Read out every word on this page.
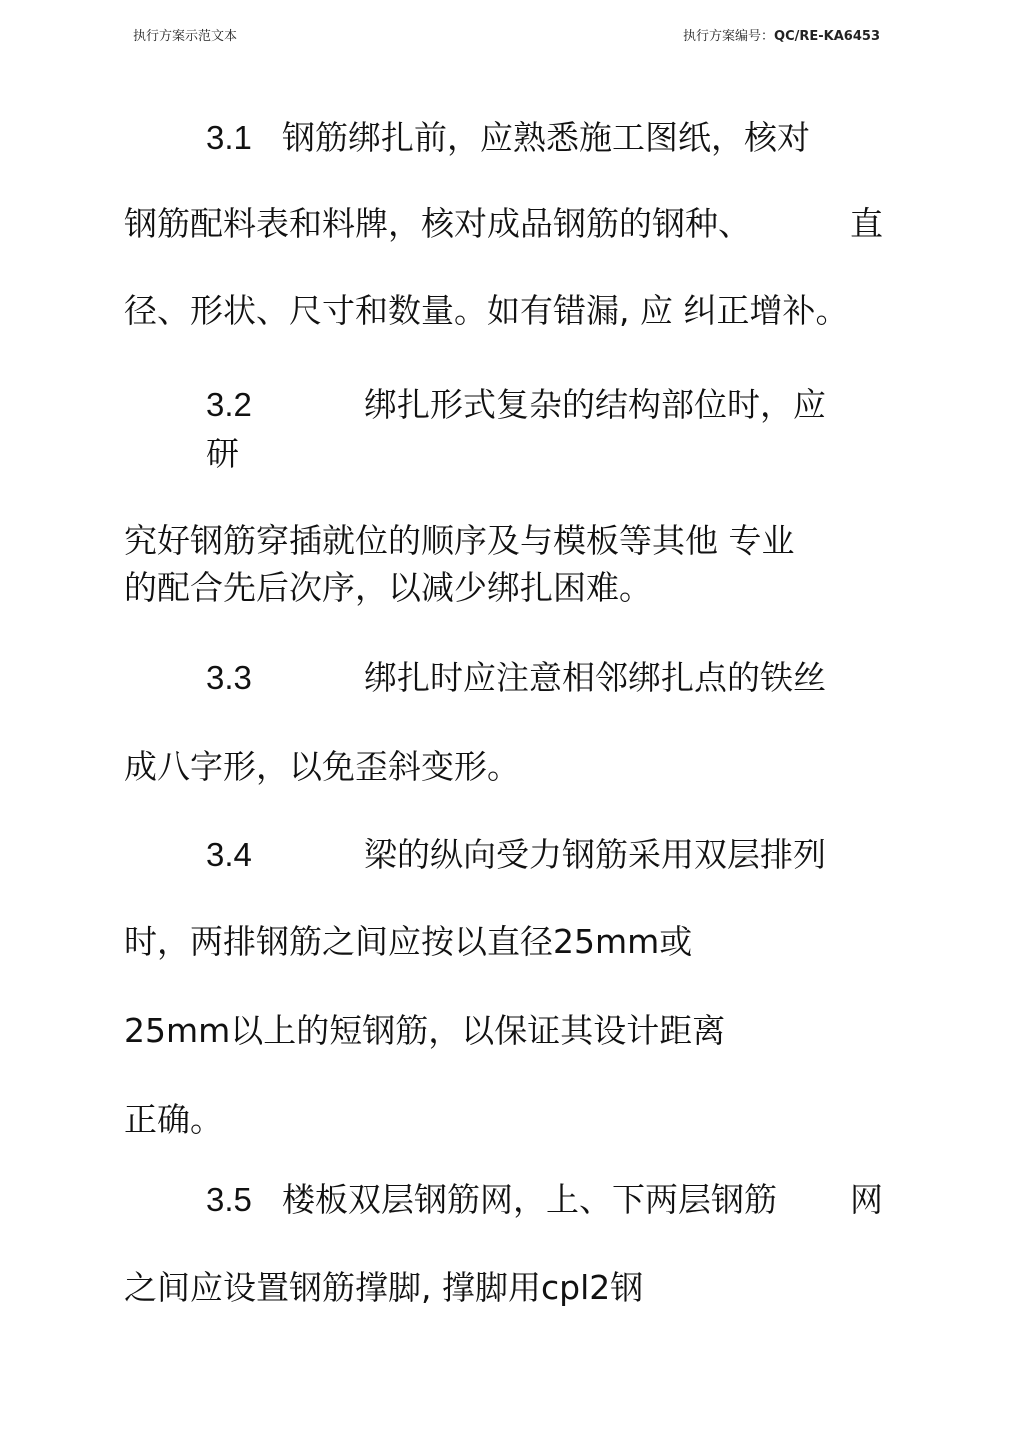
执行方案示范文本	执行方案编号：QC/RE-KA6453
3.1 钢筋绑扎前，应熟悉施工图纸，核对
钢筋配料表和料牌，核对成品钢筋的钢种、	直
径、形状、尺寸和数量。如有错漏, 应 纠正增补。
3.2	绑扎形式复杂的结构部位时，应
研
究好钢筋穿插就位的顺序及与模板等其他 专业
的配合先后次序，以减少绑扎困难。
3.3	绑扎时应注意相邻绑扎点的铁丝
成八字形，以免歪斜变形。
3.4	梁的纵向受力钢筋采用双层排列
时，两排钢筋之间应按以直径25mm或
25mm以上的短钢筋，以保证其设计距离
正确。
3.5 楼板双层钢筋网，上、下两层钢筋 网
之间应设置钢筋撑脚, 撑脚用cpl2钢
